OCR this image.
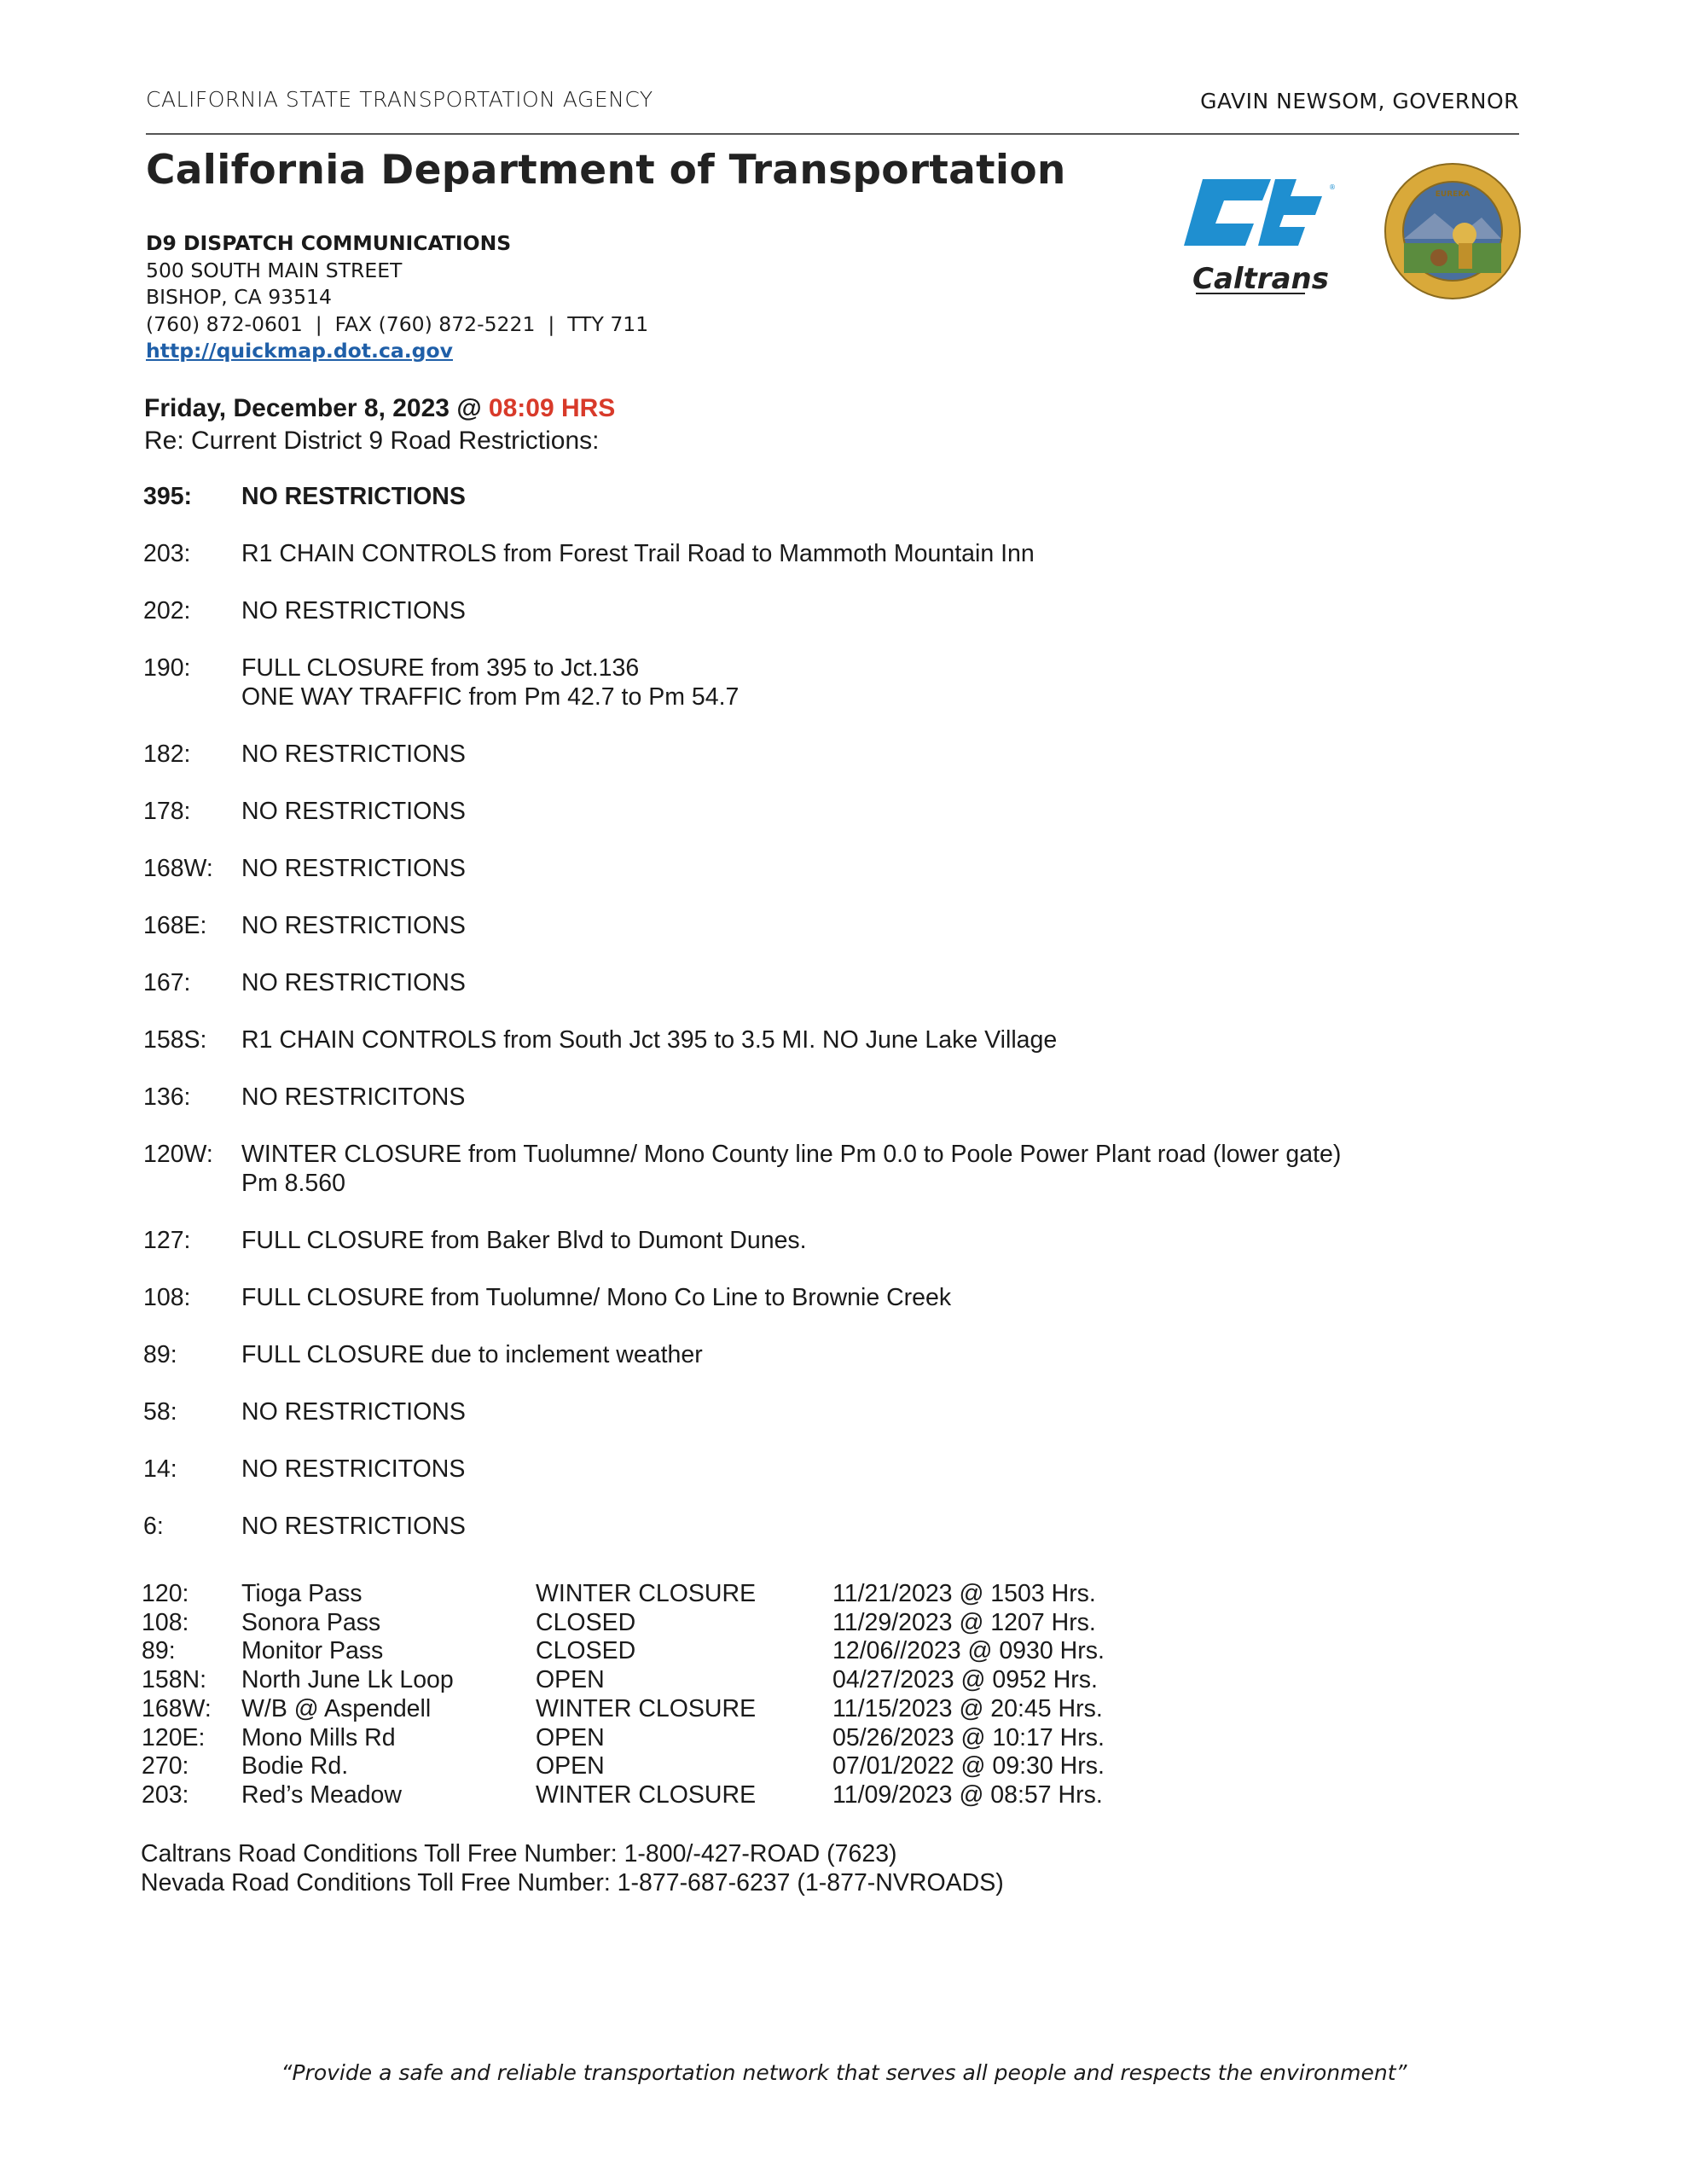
CALIFORNIA STATE TRANSPORTATION AGENCY	GAVIN NEWSOM, GOVERNOR
California Department of Transportation	®
Caltrans
EUREKA
D9 DISPATCH COMMUNICATIONS
500 SOUTH MAIN STREET
BISHOP, CA 93514
(760) 872-0601  |  FAX (760) 872-5221  |  TTY 711
http://quickmap.dot.ca.gov
Friday, December 8, 2023 @ 08:09 HRS
Re: Current District 9 Road Restrictions:
395:	NO RESTRICTIONS
203:	R1 CHAIN CONTROLS from Forest Trail Road to Mammoth Mountain Inn
202:	NO RESTRICTIONS
190:	FULL CLOSURE from 395 to Jct.136
ONE WAY TRAFFIC from Pm 42.7 to Pm 54.7
182:	NO RESTRICTIONS
178:	NO RESTRICTIONS
168W:	NO RESTRICTIONS
168E:	NO RESTRICTIONS
167:	NO RESTRICTIONS
158S:	R1 CHAIN CONTROLS from South Jct 395 to 3.5 MI. NO June Lake Village
136:	NO RESTRICITONS
120W:	WINTER CLOSURE from Tuolumne/ Mono County line Pm 0.0 to Poole Power Plant road (lower gate)
Pm 8.560
127:	FULL CLOSURE from Baker Blvd to Dumont Dunes.
108:	FULL CLOSURE from Tuolumne/ Mono Co Line to Brownie Creek
89:	FULL CLOSURE due to inclement weather
58:	NO RESTRICTIONS
14:	NO RESTRICITONS
6:	NO RESTRICTIONS
120:	Tioga Pass	WINTER CLOSURE	11/21/2023 @ 1503 Hrs.
108:	Sonora Pass	CLOSED	11/29/2023 @ 1207 Hrs.
89:	Monitor Pass	CLOSED	12/06//2023 @ 0930 Hrs.
158N:	North June Lk Loop	OPEN	04/27/2023 @ 0952 Hrs.
168W:	W/B @ Aspendell	WINTER CLOSURE	11/15/2023 @ 20:45 Hrs.
120E:	Mono Mills Rd	OPEN	05/26/2023 @ 10:17 Hrs.
270:	Bodie Rd.	OPEN	07/01/2022 @ 09:30 Hrs.
203:	Red’s Meadow	WINTER CLOSURE	11/09/2023 @ 08:57 Hrs.
Caltrans Road Conditions Toll Free Number: 1-800/-427-ROAD (7623)
Nevada Road Conditions Toll Free Number: 1-877-687-6237 (1-877-NVROADS)
“Provide a safe and reliable transportation network that serves all people and respects the environment”
